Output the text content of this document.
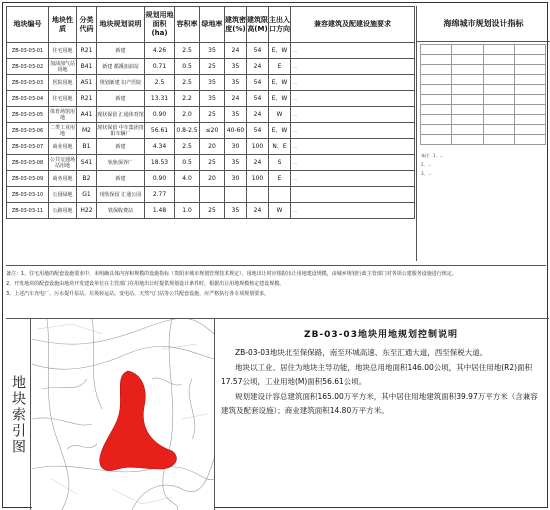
地块编号	地块性质	分类代码	地块规划说明	规划用地面积(ha)	容积率	绿地率	建筑密度(%)	建筑限高(M)	主出入口方向	兼容建筑及配建设施要求
ZB-03-03-01	住宅用地	R21	新建	4.26	2.5	35	24	54	E、W	…
ZB-03-03-02	加油加气站用地	B41	新建 都溪加油站	0.71	0.5	25	35	24	E	…
ZB-03-03-03	医院用地	A51	规划新建 妇产医院	2.5	2.5	35	35	54	E、W	…
ZB-03-03-04	住宅用地	R21	新建	13.31	2.2	35	24	54	E、W	…
ZB-03-03-05	体育场馆用地	A41	现状保留 汇通体育馆	0.90	2.0	25	35	24	W	…
ZB-03-03-06	二类工业用地	M2	现状保留 中车集团贵阳车辆厂	56.61	0.8-2.5	≤20	40-60	54	E、W	…
ZB-03-03-07	商业用地	B1	新建	4.34	2.5	20	30	100	N、E	…
ZB-03-03-08	公共交通场站用地	S41	轨轨保养厂	18.53	0.5	25	35	24	S	…
ZB-03-03-09	商务用地	B2	新建	0.90	4.0	20	30	100	E	…
ZB-03-03-10	公园绿地	G1	现状保留 汇通公园	2.77						
ZB-03-03-11	公路用地	H22	铁保收费站	1.48	1.0	25	35	24	W	…
海绵城市规划设计指标

备注：1、…
2、…
3、…
备注：1、住宅用地的配套设施要求中，未明确具体内容和规模的设施指标（贵阳市城市规划管理技术规定），用地出让时应根据出让用地建设规模，由城乡规划行政主管部门对各项公建服务设施进行核定。
2、开发地块的配套设施由地块开发建设单位在主管部门在用地出让时提供规划设计条件时，根据出让用地规模核定建设规模。
3、上述汽车充电厂、污水提升泵站、垃圾转运站、变电站、天然气门站等公共配套设施，应严格执行各专项规划要求。
地块索引图
ZB-03-03地块用地规划控制说明

ZB-03-03地块北至保保路，南至环城高速、东至汇通大道，西至保税大道。

地块以工业、居住为地块主导功能，地块总用地面积146.00公顷，其中居住用地(R2)面积17.57公顷，工业用地(M)面积56.61公顷。

规划建设计容总建筑面积165.00万平方米，其中居住用地建筑面积39.97万平方米（含兼容建筑及配套设施）；商业建筑面积14.80万平方米。
